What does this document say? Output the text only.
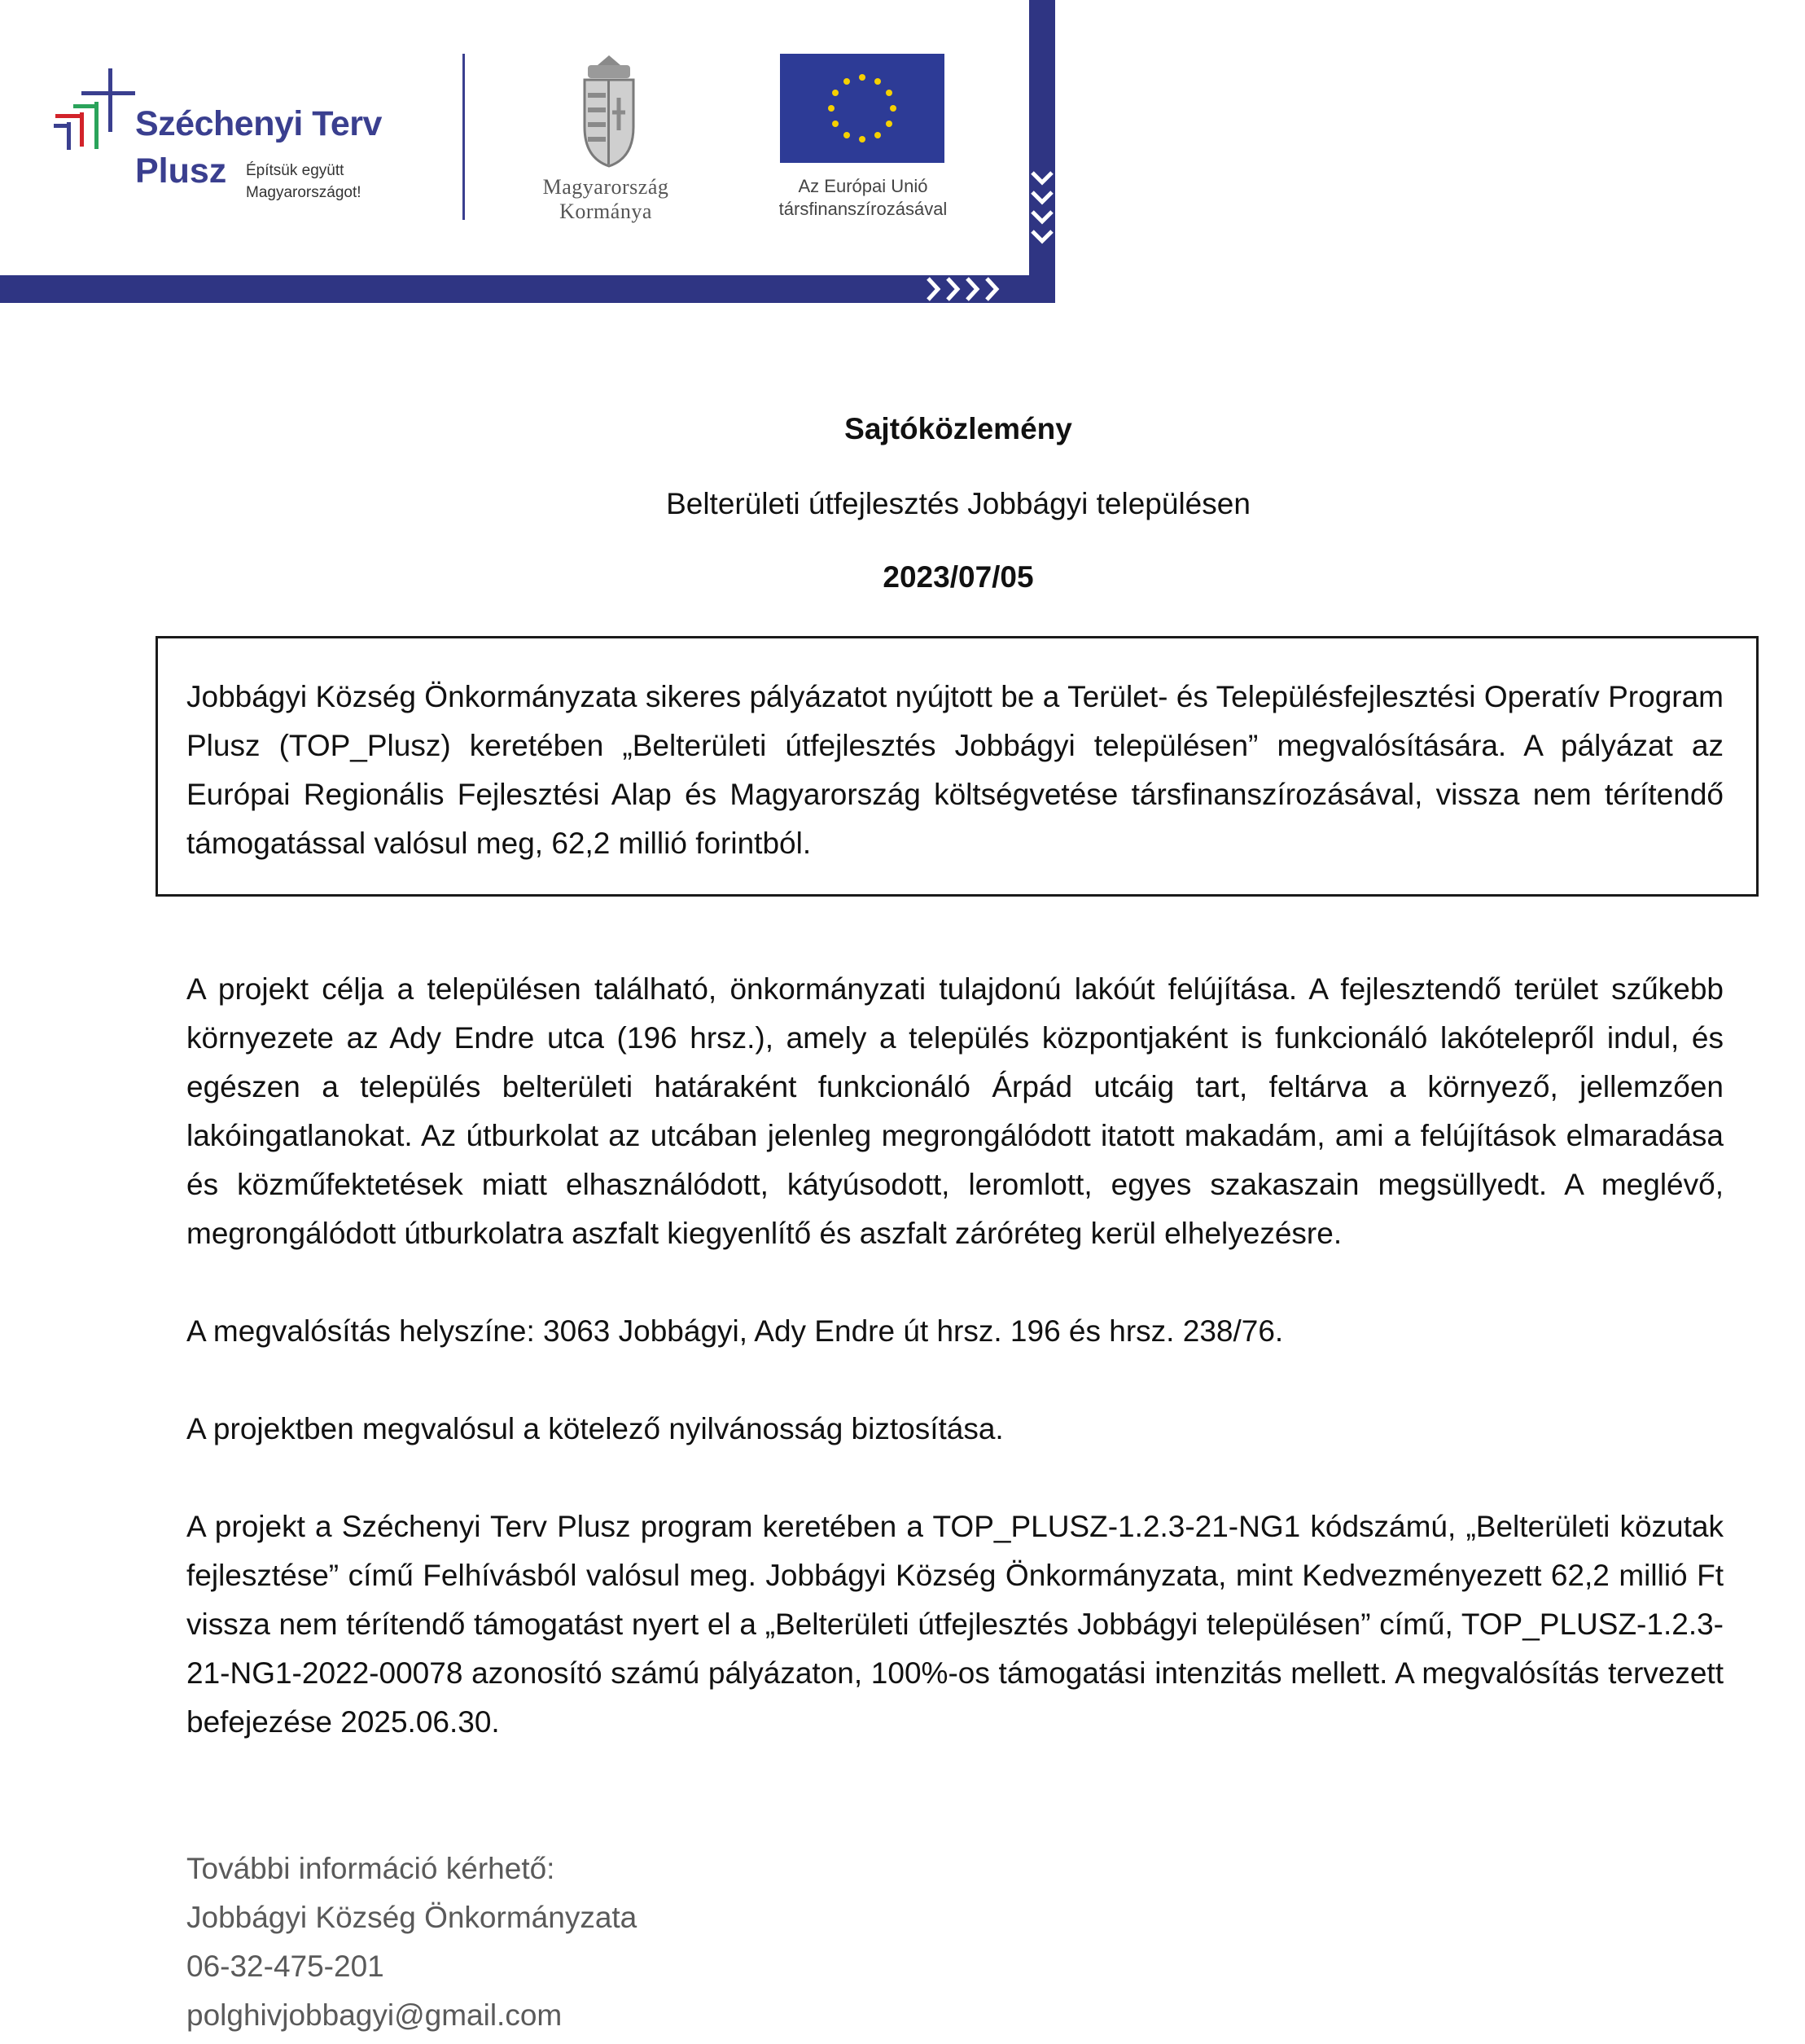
Széchenyi Terv
Plusz Építsük együtt Magyarországot!	Magyarország Kormánya
Az Európai Unió társfinanszírozásával
Sajtóközlemény
Belterületi útfejlesztés Jobbágyi településen
2023/07/05

Jobbágyi Község Önkormányzata sikeres pályázatot nyújtott be a Terület- és Településfejlesztési Operatív Program Plusz (TOP_Plusz) keretében „Belterületi útfejlesztés Jobbágyi településen” megvalósítására. A pályázat az Európai Regionális Fejlesztési Alap és Magyarország költségvetése társfinanszírozásával, vissza nem térítendő támogatással valósul meg, 62,2 millió forintból.

A projekt célja a településen található, önkormányzati tulajdonú lakóút felújítása. A fejlesztendő terület szűkebb környezete az Ady Endre utca (196 hrsz.), amely a település központjaként is funkcionáló lakótelepről indul, és egészen a település belterületi határaként funkcionáló Árpád utcáig tart, feltárva a környező, jellemzően lakóingatlanokat. Az útburkolat az utcában jelenleg megrongálódott itatott makadám, ami a felújítások elmaradása és közműfektetések miatt elhasználódott, kátyúsodott, leromlott, egyes szakaszain megsüllyedt. A meglévő, megrongálódott útburkolatra aszfalt kiegyenlítő és aszfalt záróréteg kerül elhelyezésre.

A megvalósítás helyszíne: 3063 Jobbágyi, Ady Endre út hrsz. 196 és hrsz. 238/76.

A projektben megvalósul a kötelező nyilvánosság biztosítása.

A projekt a Széchenyi Terv Plusz program keretében a TOP_PLUSZ-1.2.3-21-NG1 kódszámú, „Belterületi közutak fejlesztése” című Felhívásból valósul meg. Jobbágyi Község Önkormányzata, mint Kedvezményezett 62,2 millió Ft vissza nem térítendő támogatást nyert el a „Belterületi útfejlesztés Jobbágyi településen” című, TOP_PLUSZ-1.2.3-21-NG1-2022-00078 azonosító számú pályázaton, 100%-os támogatási intenzitás mellett. A megvalósítás tervezett befejezése 2025.06.30.

További információ kérhető:
Jobbágyi Község Önkormányzata
06-32-475-201
polghivjobbagyi@gmail.com
